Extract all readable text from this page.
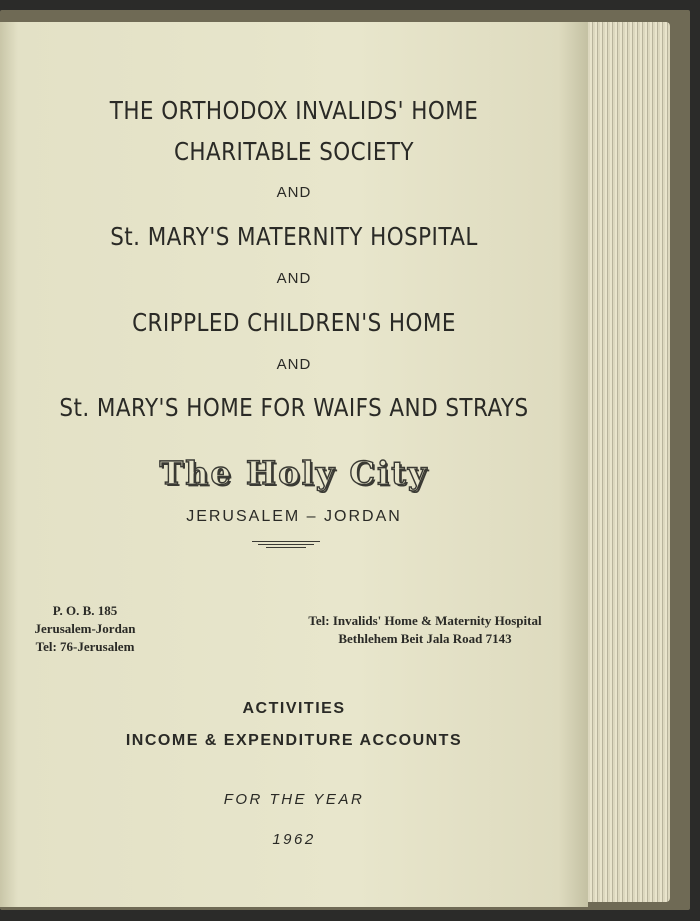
THE ORTHODOX INVALIDS' HOME
CHARITABLE SOCIETY
AND
St. MARY'S MATERNITY HOSPITAL
AND
CRIPPLED CHILDREN'S HOME
AND
St. MARY'S HOME FOR WAIFS AND STRAYS
The Holy City
JERUSALEM – JORDAN
P. O. B. 185
Jerusalem-Jordan
Tel: 76-Jerusalem
Tel: Invalids' Home & Maternity Hospital
Bethlehem Beit Jala Road 7143
ACTIVITIES
INCOME & EXPENDITURE ACCOUNTS
FOR THE YEAR
1962
